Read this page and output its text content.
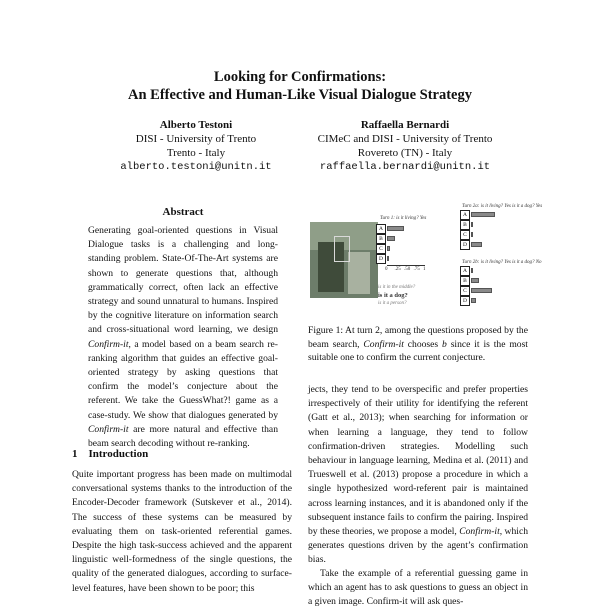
Looking for Confirmations:
An Effective and Human-Like Visual Dialogue Strategy
Alberto Testoni
DISI - University of Trento
Trento - Italy
alberto.testoni@unitn.it
Raffaella Bernardi
CIMeC and DISI - University of Trento
Rovereto (TN) - Italy
raffaella.bernardi@unitn.it
Abstract
Generating goal-oriented questions in Visual Dialogue tasks is a challenging and long-standing problem. State-Of-The-Art systems are shown to generate questions that, although grammatically correct, often lack an effective strategy and sound unnatural to humans. Inspired by the cognitive literature on information search and cross-situational word learning, we design Confirm-it, a model based on a beam search re-ranking algorithm that guides an effective goal-oriented strategy by asking questions that confirm the model’s conjecture about the referent. We take the GuessWhat?! game as a case-study. We show that dialogues generated by Confirm-it are more natural and effective than beam search decoding without re-ranking.
1 Introduction
Quite important progress has been made on multimodal conversational systems thanks to the introduction of the Encoder-Decoder framework (Sutskever et al., 2014). The success of these systems can be measured by evaluating them on task-oriented referential games. Despite the high task-success achieved and the apparent linguistic well-formedness of the single questions, the quality of the generated dialogues, according to surface-level features, have been shown to be poor; this
Turn 1: is it living? Yes
A
B
C
D
0 .25 .50 .75 1
Turn 2a: is it living? Yes is it a dog? Yes
A
B
C
D
Turn 2b: is it living? Yes is it a dog? No
A
B
C
D
is it in the middle?
is it a dog?
is it a person?
Figure 1: At turn 2, among the questions proposed by the beam search, Confirm-it chooses b since it is the most suitable one to confirm the current conjecture.
jects, they tend to be overspecific and prefer properties irrespectively of their utility for identifying the referent (Gatt et al., 2013); when searching for information or when learning a language, they tend to follow confirmation-driven strategies. Modelling such behaviour in language learning, Medina et al. (2011) and Trueswell et al. (2013) propose a procedure in which a single hypothesized word-referent pair is maintained across learning instances, and it is abandoned only if the subsequent instance fails to confirm the pairing. Inspired by these theories, we propose a model, Confirm-it, which generates questions driven by the agent’s confirmation bias.
Take the example of a referential guessing game in which an agent has to ask questions to guess an object in a given image. Confirm-it will ask ques-
